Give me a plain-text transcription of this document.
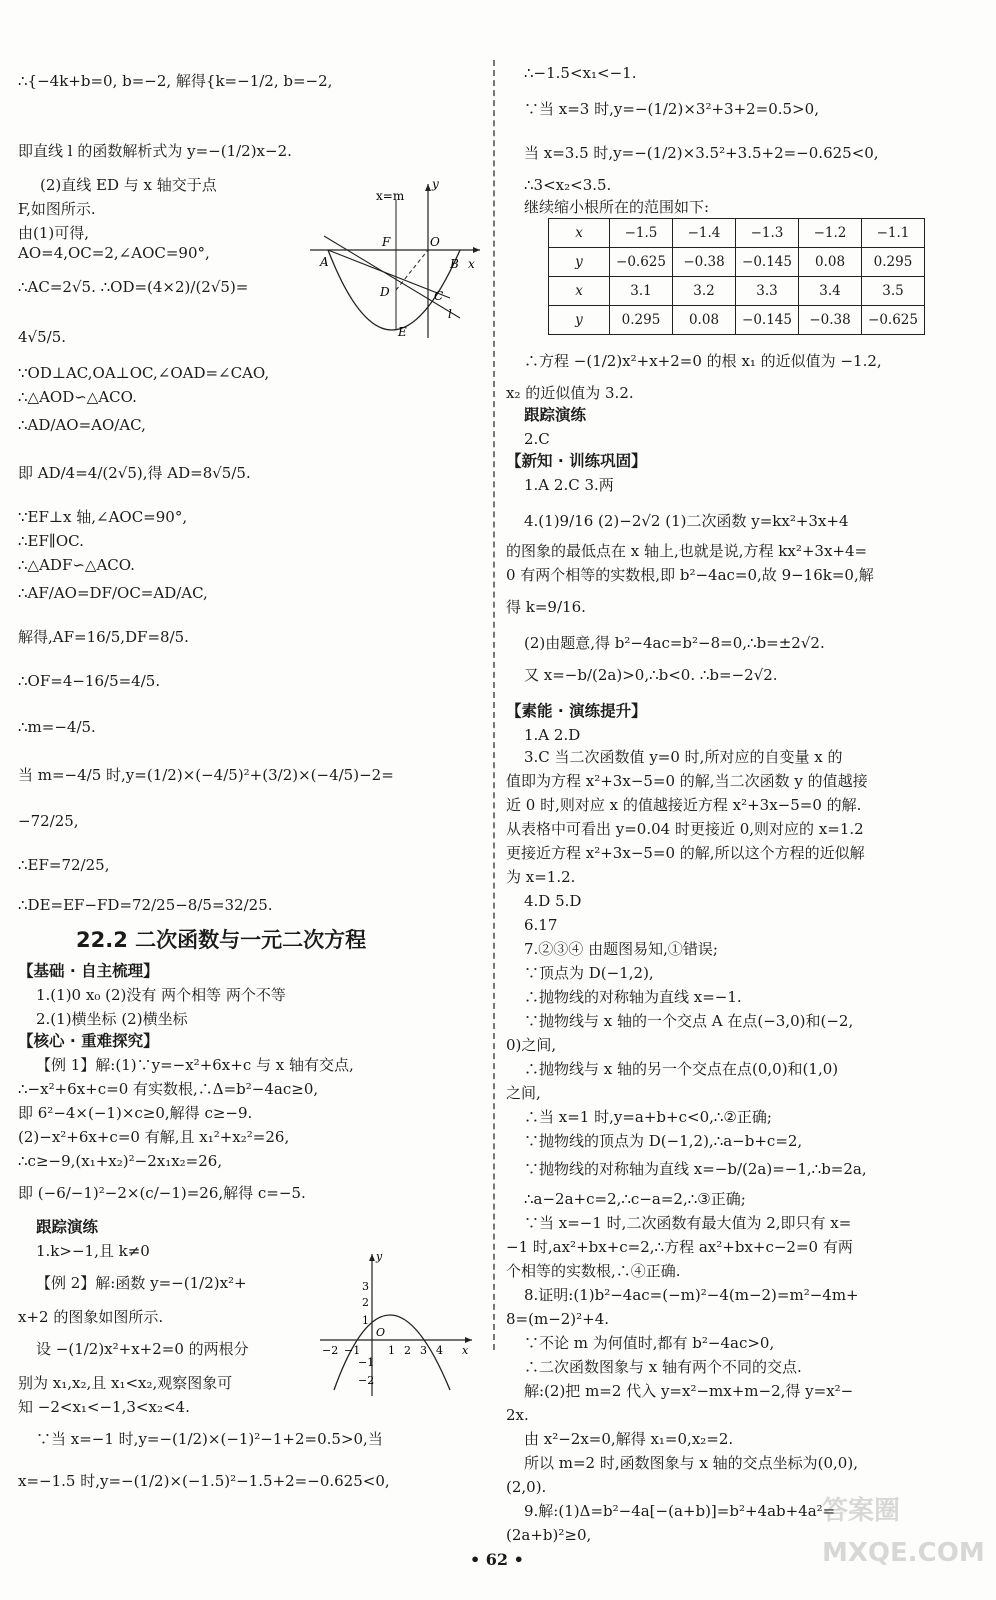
∴{−4k+b=0, b=−2, 解得{k=−1/2, b=−2,
即直线 l 的函数解析式为 y=−(1/2)x−2.
(2)直线 ED 与 x 轴交于点
F,如图所示.
由(1)可得,
AO=4,OC=2,∠AOC=90°,
∴AC=2√5. ∴OD=(4×2)/(2√5)=
4√5/5.
∵OD⊥AC,OA⊥OC,∠OAD=∠CAO,
∴△AOD∽△ACO.
∴AD/AO=AO/AC,
即 AD/4=4/(2√5),得 AD=8√5/5.
∵EF⊥x 轴,∠AOC=90°,
∴EF∥OC.
∴△ADF∽△ACO.
∴AF/AO=DF/OC=AD/AC,
解得,AF=16/5,DF=8/5.
∴OF=4−16/5=4/5.
∴m=−4/5.
当 m=−4/5 时,y=(1/2)×(−4/5)²+(3/2)×(−4/5)−2=
−72/25,
∴EF=72/25,
∴DE=EF−FD=72/25−8/5=32/25.
1.(1)0 x₀ (2)没有 两个相等 两个不等
2.(1)横坐标 (2)横坐标
【例 1】解:(1)∵y=−x²+6x+c 与 x 轴有交点,
∴−x²+6x+c=0 有实数根,∴Δ=b²−4ac≥0,
即 6²−4×(−1)×c≥0,解得 c≥−9.
(2)−x²+6x+c=0 有解,且 x₁²+x₂²=26,
∴c≥−9,(x₁+x₂)²−2x₁x₂=26,
即 (−6/−1)²−2×(c/−1)=26,解得 c=−5.
跟踪演练
1.k>−1,且 k≠0
【例 2】解:函数 y=−(1/2)x²+
x+2 的图象如图所示.
设 −(1/2)x²+x+2=0 的两根分
别为 x₁,x₂,且 x₁<x₂,观察图象可
知 −2<x₁<−1,3<x₂<4.
∵当 x=−1 时,y=−(1/2)×(−1)²−1+2=0.5>0,当
x=−1.5 时,y=−(1/2)×(−1.5)²−1.5+2=−0.625<0,
∴−1.5<x₁<−1.
∵当 x=3 时,y=−(1/2)×3²+3+2=0.5>0,
当 x=3.5 时,y=−(1/2)×3.5²+3.5+2=−0.625<0,
∴3<x₂<3.5.
继续缩小根所在的范围如下:
∴方程 −(1/2)x²+x+2=0 的根 x₁ 的近似值为 −1.2,
x₂ 的近似值为 3.2.
跟踪演练
2.C
1.A 2.C 3.两
4.(1)9/16 (2)−2√2 (1)二次函数 y=kx²+3x+4
的图象的最低点在 x 轴上,也就是说,方程 kx²+3x+4=
0 有两个相等的实数根,即 b²−4ac=0,故 9−16k=0,解
得 k=9/16.
(2)由题意,得 b²−4ac=b²−8=0,∴b=±2√2.
又 x=−b/(2a)>0,∴b<0. ∴b=−2√2.
1.A 2.D
3.C 当二次函数值 y=0 时,所对应的自变量 x 的
值即为方程 x²+3x−5=0 的解,当二次函数 y 的值越接
近 0 时,则对应 x 的值越接近方程 x²+3x−5=0 的解.
从表格中可看出 y=0.04 时更接近 0,则对应的 x=1.2
更接近方程 x²+3x−5=0 的解,所以这个方程的近似解
为 x=1.2.
4.D 5.D
6.17
7.②③④ 由题图易知,①错误;
∵顶点为 D(−1,2),
∴抛物线的对称轴为直线 x=−1.
∵抛物线与 x 轴的一个交点 A 在点(−3,0)和(−2,
0)之间,
∴抛物线与 x 轴的另一个交点在点(0,0)和(1,0)
之间,
∴当 x=1 时,y=a+b+c<0,∴②正确;
∵抛物线的顶点为 D(−1,2),∴a−b+c=2,
∵抛物线的对称轴为直线 x=−b/(2a)=−1,∴b=2a,
∴a−2a+c=2,∴c−a=2,∴③正确;
∵当 x=−1 时,二次函数有最大值为 2,即只有 x=
−1 时,ax²+bx+c=2,∴方程 ax²+bx+c−2=0 有两
个相等的实数根,∴④正确.
8.证明:(1)b²−4ac=(−m)²−4(m−2)=m²−4m+
8=(m−2)²+4.
∵不论 m 为何值时,都有 b²−4ac>0,
∴二次函数图象与 x 轴有两个不同的交点.
解:(2)把 m=2 代入 y=x²−mx+m−2,得 y=x²−
2x.
由 x²−2x=0,解得 x₁=0,x₂=2.
所以 m=2 时,函数图象与 x 轴的交点坐标为(0,0),
(2,0).
9.解:(1)Δ=b²−4a[−(a+b)]=b²+4ab+4a²=
(2a+b)²≥0,
22.2 二次函数与一元二次方程
【基础 · 自主梳理】
【核心 · 重难探究】
【新知 · 训练巩固】
【素能 · 演练提升】
x=m
y
F	O
A	B x
D	C
E
l
y
3
2
1
O
−2 −1	1 2 3 4 x
−1
−2
x	−1.5	−1.4	−1.3	−1.2	−1.1
y	−0.625	−0.38	−0.145	0.08	0.295
x	3.1	3.2	3.3	3.4	3.5
y	0.295	0.08	−0.145	−0.38	−0.625
• 62 •
答案圈
MXQE.COM
